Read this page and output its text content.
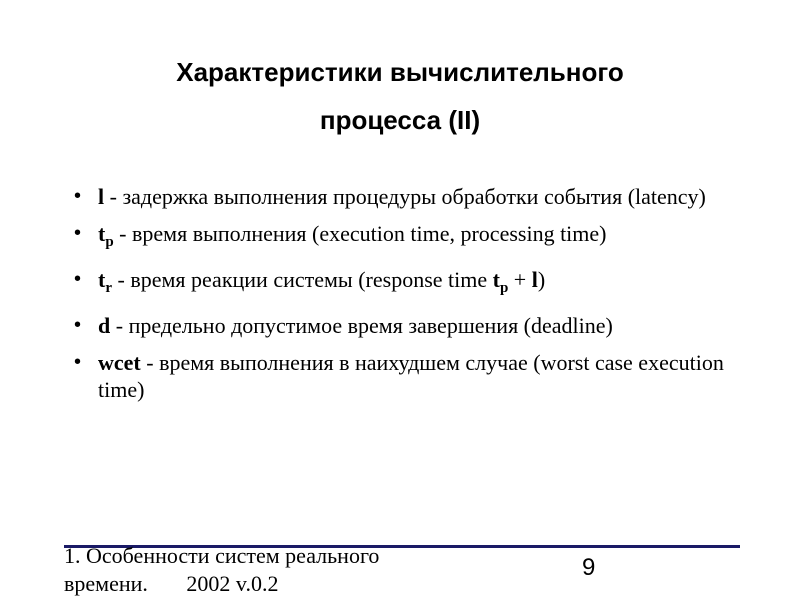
Характеристики вычислительного
процесса (II)
• l - задержка выполнения процедуры обработки события (latency)
• $t_p$ - время выполнения (execution time, processing time)
• $t_r$ - время реакции системы (response time $t_p + l$)
• d - предельно допустимое время завершения (deadline)
• wcet - время выполнения в наихудшем случае (worst case execution time)
1. Особенности систем реального
времени.       2002 v.0.2
9
